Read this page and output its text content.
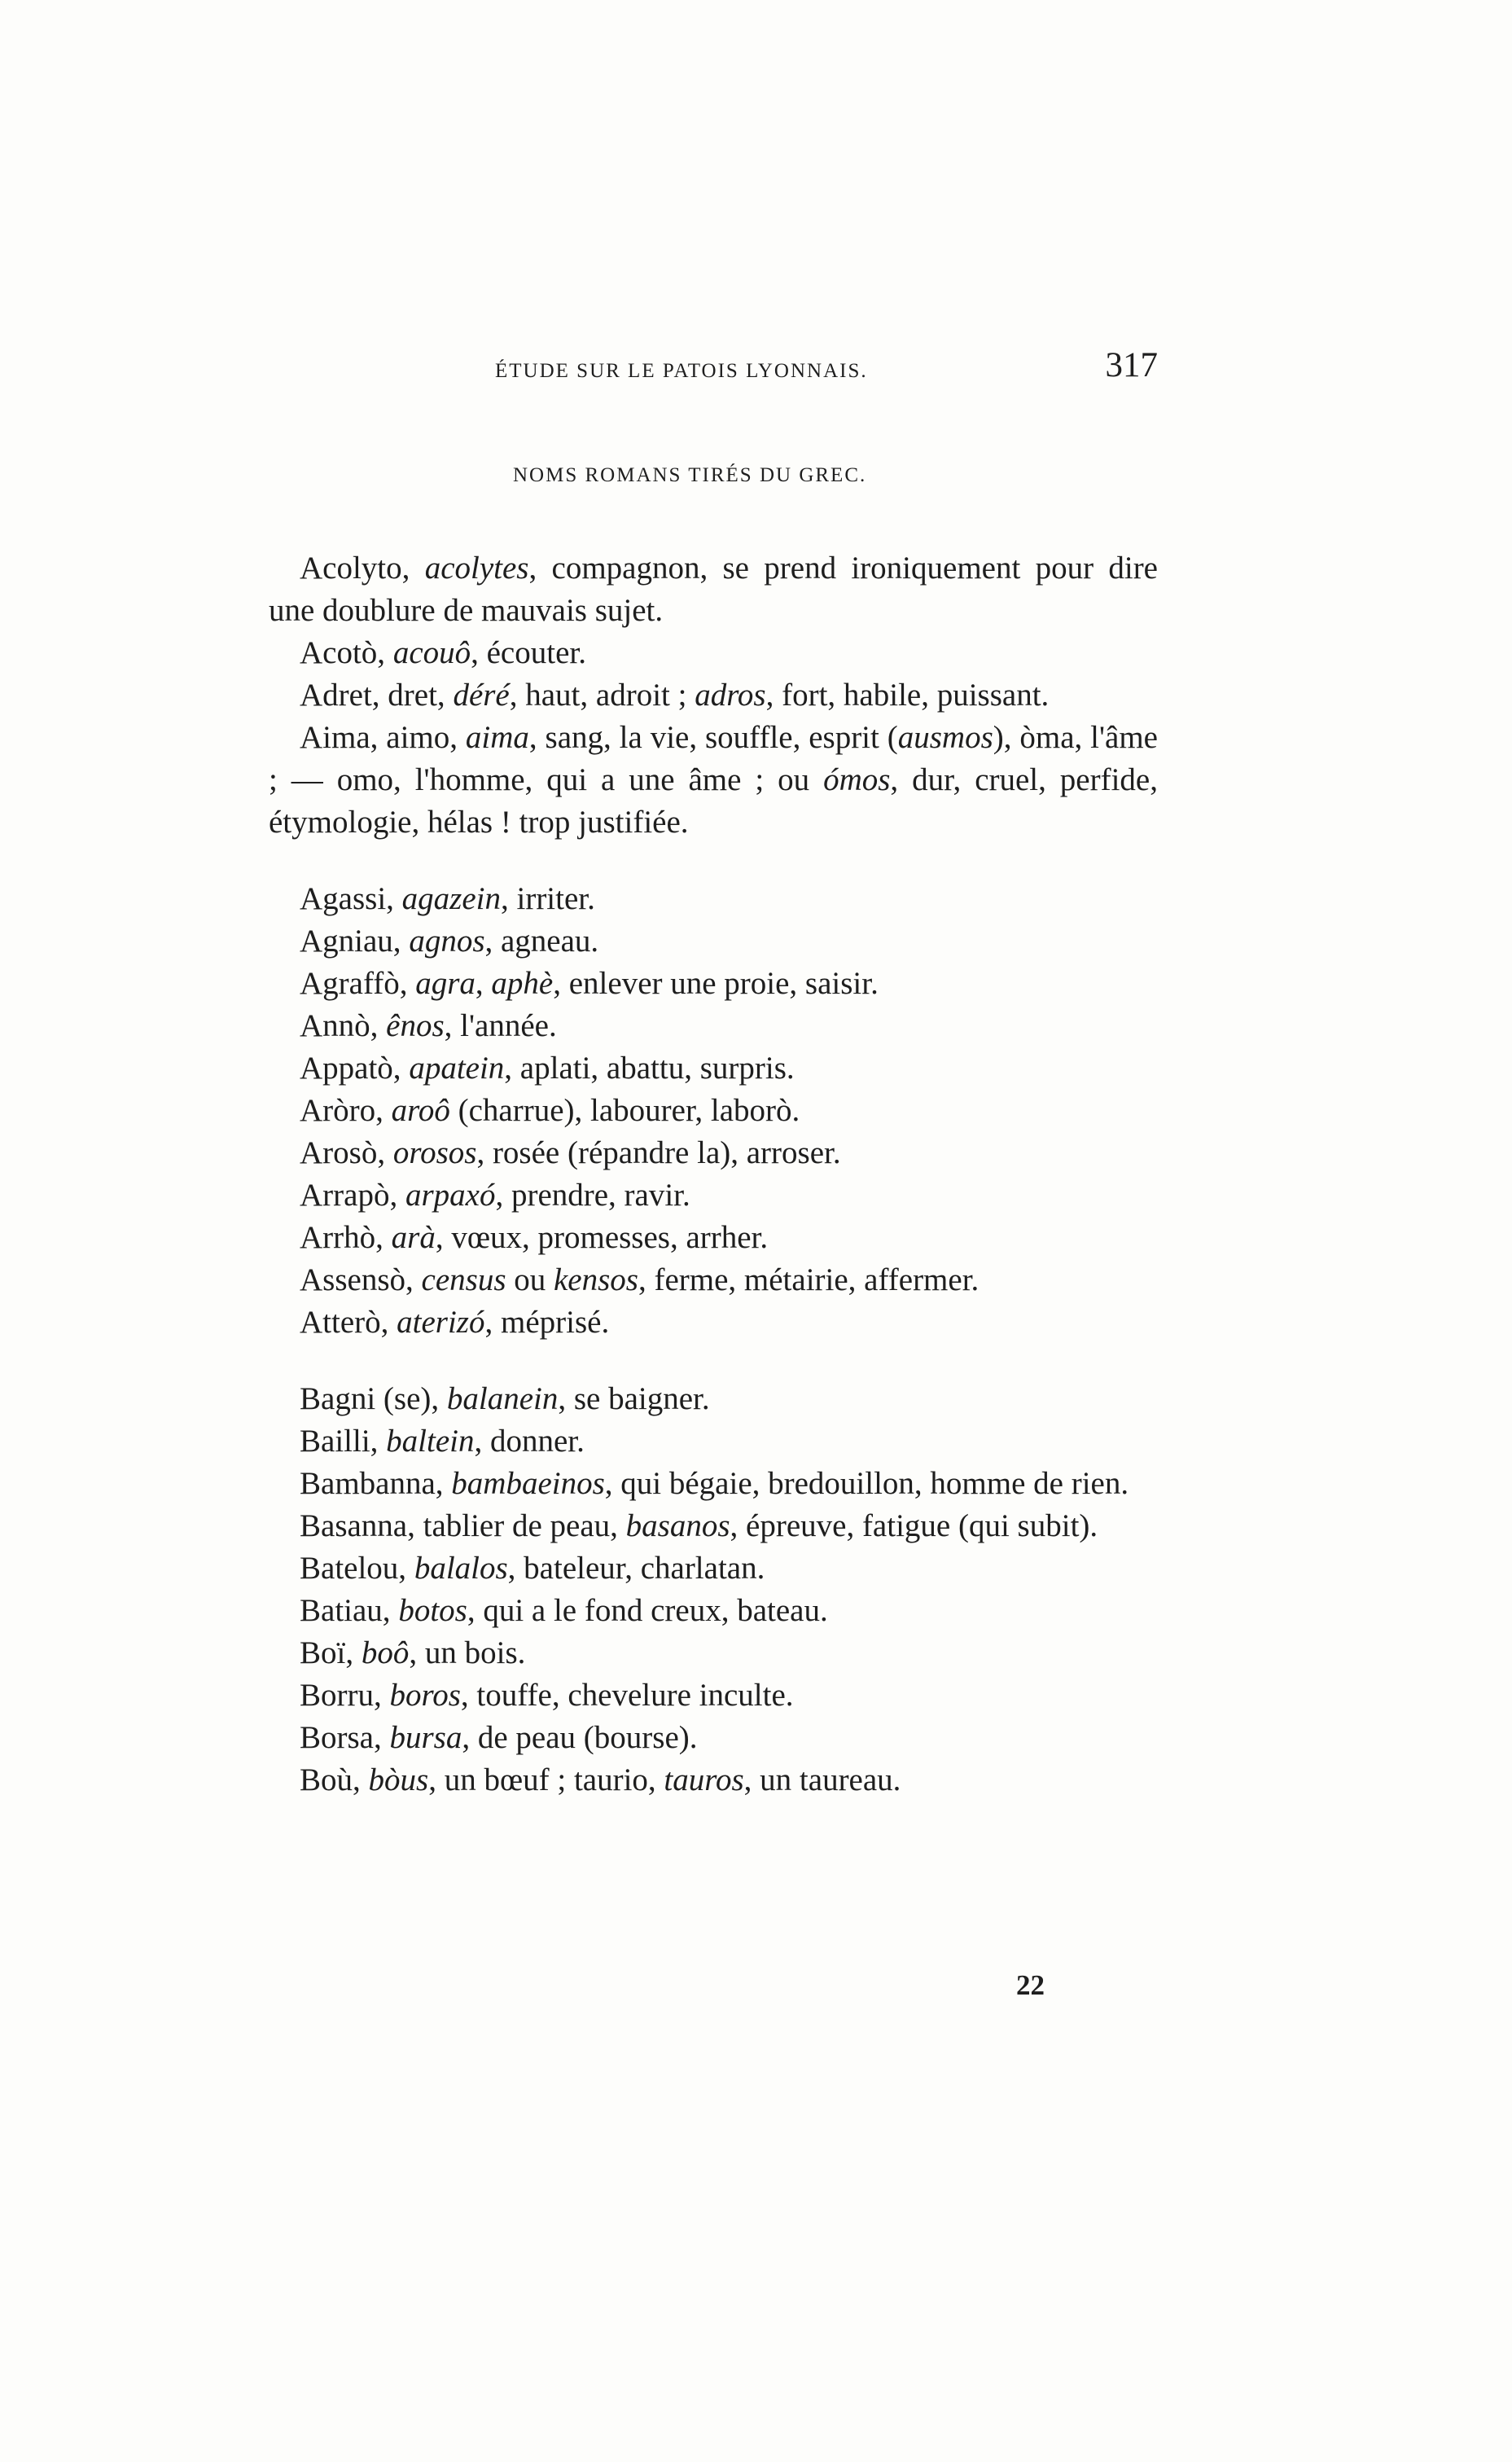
ÉTUDE SUR LE PATOIS LYONNAIS.	317
NOMS ROMANS TIRÉS DU GREC.

Acolyto, acolytes, compagnon, se prend ironiquement pour dire une doublure de mauvais sujet.

Acotò, acouô, écouter.

Adret, dret, déré, haut, adroit ; adros, fort, habile, puissant.

Aima, aimo, aima, sang, la vie, souffle, esprit (ausmos), òma, l'âme ; — omo, l'homme, qui a une âme ; ou ómos, dur, cruel, perfide, étymologie, hélas ! trop justifiée.

Agassi, agazein, irriter.

Agniau, agnos, agneau.

Agraffò, agra, aphè, enlever une proie, saisir.

Annò, ênos, l'année.

Appatò, apatein, aplati, abattu, surpris.

Aròro, aroô (charrue), labourer, laborò.

Arosò, orosos, rosée (répandre la), arroser.

Arrapò, arpaxó, prendre, ravir.

Arrhò, arà, vœux, promesses, arrher.

Assensò, census ou kensos, ferme, métairie, affermer.

Atterò, aterizó, méprisé.

Bagni (se), balanein, se baigner.

Bailli, baltein, donner.

Bambanna, bambaeinos, qui bégaie, bredouillon, homme de rien.

Basanna, tablier de peau, basanos, épreuve, fatigue (qui subit).

Batelou, balalos, bateleur, charlatan.

Batiau, botos, qui a le fond creux, bateau.

Boï, boô, un bois.

Borru, boros, touffe, chevelure inculte.

Borsa, bursa, de peau (bourse).

Boù, bòus, un bœuf ; taurio, tauros, un taureau.

22
